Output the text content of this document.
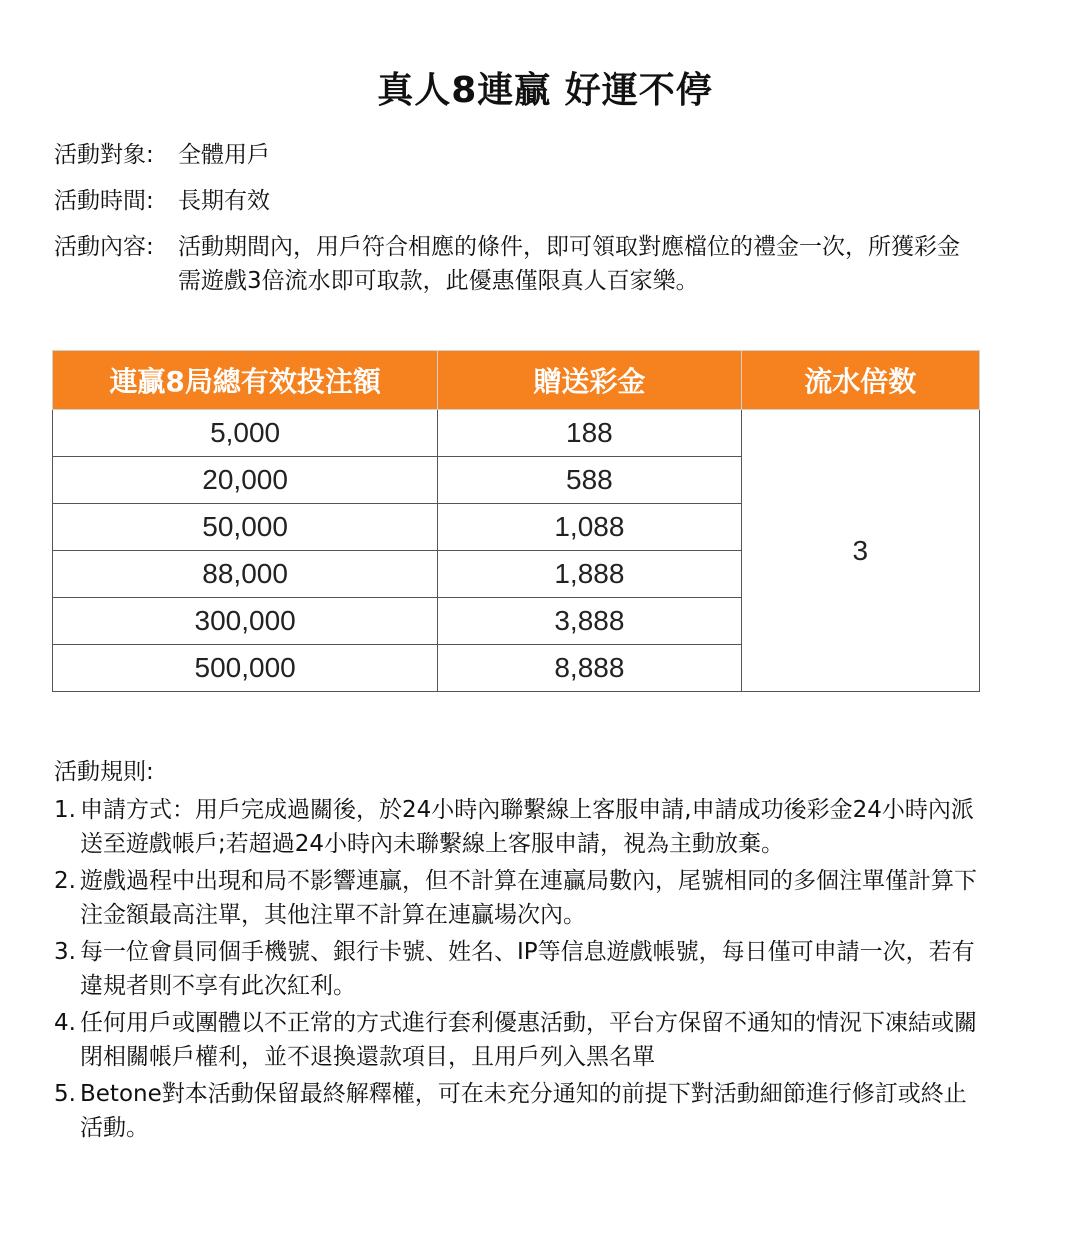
真人8連贏 好運不停
活動對象:	全體用戶
活動時間:	長期有效
活動內容:	活動期間內，用戶符合相應的條件，即可領取對應檔位的禮金一次，所獲彩金需遊戲3倍流水即可取款，此優惠僅限真人百家樂。
連贏8局總有效投注額	贈送彩金	流水倍数
5,000	188	3
20,000	588	
50,000	1,088	
88,000	1,888	
300,000	3,888	
500,000	8,888	
活動規則:
1. 申請方式：用戶完成過關後，於24小時內聯繫線上客服申請,申請成功後彩金24小時內派送至遊戲帳戶;若超過24小時內未聯繫線上客服申請，視為主動放棄。
2. 遊戲過程中出現和局不影響連贏，但不計算在連贏局數內，尾號相同的多個注單僅計算下注金額最高注單，其他注單不計算在連贏場次內。
3. 每一位會員同個手機號、銀行卡號、姓名、IP等信息遊戲帳號，每日僅可申請一次，若有違規者則不享有此次紅利。
4. 任何用戶或團體以不正常的方式進行套利優惠活動，平台方保留不通知的情況下凍結或關閉相關帳戶權利，並不退換還款項目，且用戶列入黑名單
5. Betone對本活動保留最終解釋權，可在未充分通知的前提下對活動細節進行修訂或終止活動。
